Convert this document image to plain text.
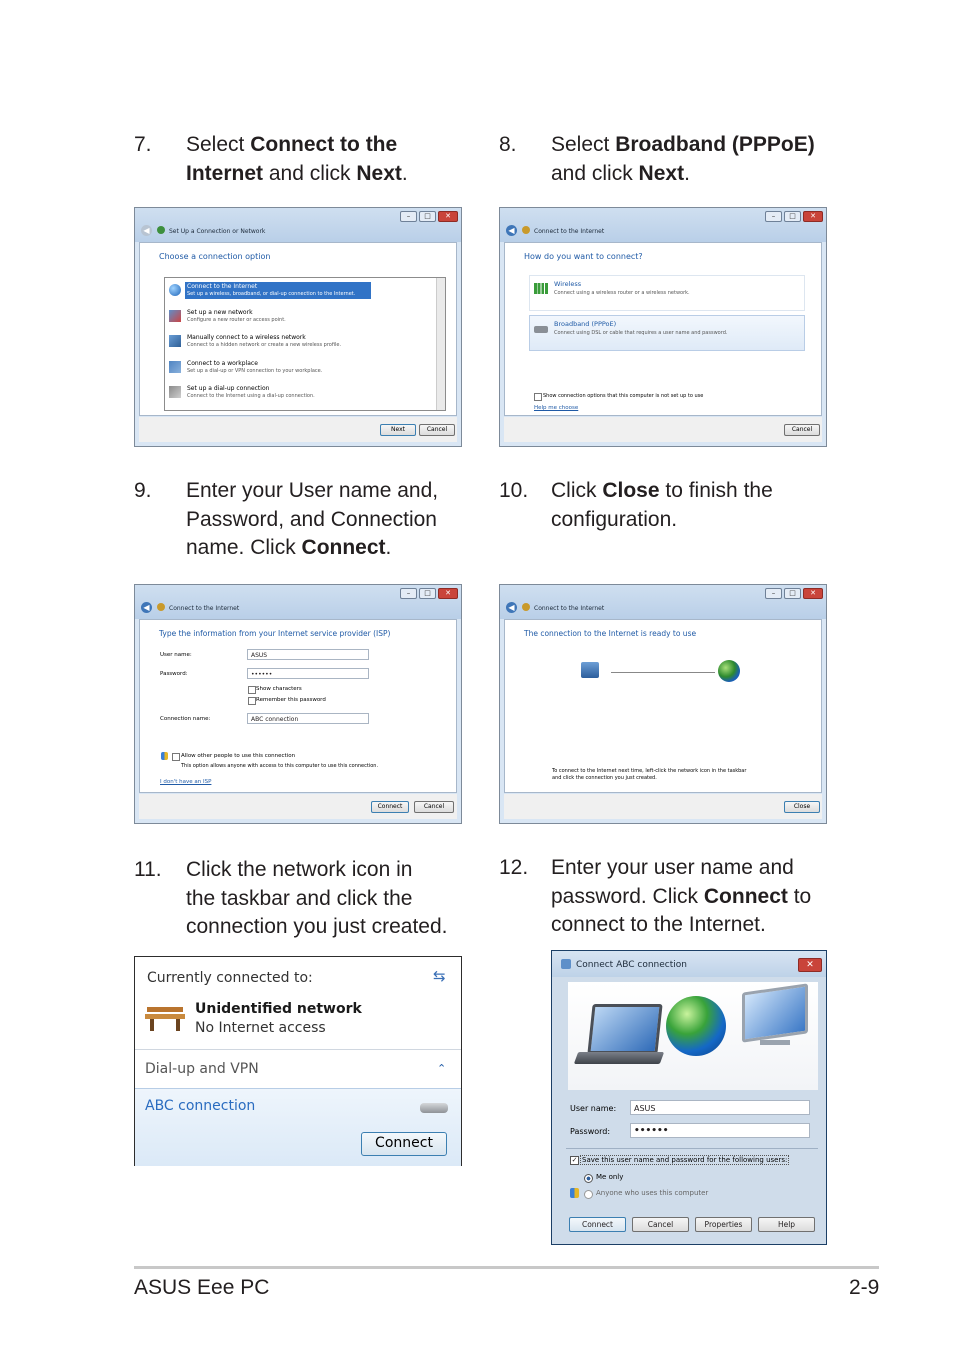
7. Select Connect to the
Internet and click Next.
8. Select Broadband (PPPoE)
and click Next.
9. Enter your User name and,
Password, and Connection
name. Click Connect.
10. Click Close to finish the
configuration.
11. Click the network icon in
the taskbar and click the
connection you just created.
12. Enter your user name and
password. Click Connect to
connect to the Internet.
–	□	✕
◀	Set Up a Connection or Network
Choose a connection option
Connect to the Internet
Set up a wireless, broadband, or dial-up connection to the Internet.
Set up a new network
Configure a new router or access point.
Manually connect to a wireless network
Connect to a hidden network or create a new wireless profile.
Connect to a workplace
Set up a dial-up or VPN connection to your workplace.
Set up a dial-up connection
Connect to the Internet using a dial-up connection.
Next	Cancel
–	□	✕
◀	Connect to the Internet
How do you want to connect?
Wireless
Connect using a wireless router or a wireless network.
Broadband (PPPoE)
Connect using DSL or cable that requires a user name and password.
Show connection options that this computer is not set up to use
Help me choose
Cancel
–	□	✕
◀	Connect to the Internet
Type the information from your Internet service provider (ISP)
User name:	ASUS
Password:	••••••
Show characters
Remember this password
Connection name:	ABC connection
Allow other people to use this connection
This option allows anyone with access to this computer to use this connection.
I don't have an ISP
Connect	Cancel
–	□	✕
◀	Connect to the Internet
The connection to the Internet is ready to use
To connect to the Internet next time, left-click the network icon in the taskbar and click the connection you just created.
Close
Currently connected to:	⇆
Unidentified network
No Internet access
Dial-up and VPN	⌃
ABC connection
Connect
Connect ABC connection	✕
User name:	ASUS
Password:	••••••
✓ Save this user name and password for the following users:
Me only
Anyone who uses this computer
Connect	Cancel	Properties	Help
ASUS Eee PC	2-9
